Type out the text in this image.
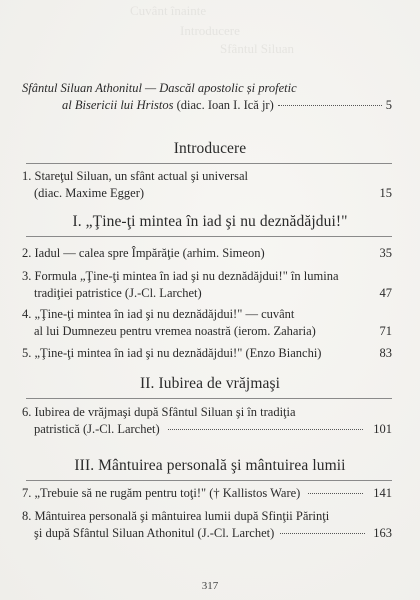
Cuvânt înainte
Introducere
Sfântul Siluan
Sfântul Siluan Athonitul — Dascăl apostolic și profetic
al Bisericii lui Hristos (diac. Ioan I. Ică jr)	5
Introducere
1. Stareţul Siluan, un sfânt actual şi universal
(diac. Maxime Egger)	15
I. „Ţine-ţi mintea în iad şi nu deznădăjdui!"
2. Iadul — calea spre Împărăţie (arhim. Simeon)	35
3. Formula „Ţine-ţi mintea în iad şi nu deznădăjdui!" în lumina
tradiţiei patristice (J.-Cl. Larchet)	47
4. „Ţine-ţi mintea în iad şi nu deznădăjdui!" — cuvânt
al lui Dumnezeu pentru vremea noastră (ierom. Zaharia)	71
5. „Ţine-ţi mintea în iad şi nu deznădăjdui!" (Enzo Bianchi)	83
II. Iubirea de vrăjmaşi
6. Iubirea de vrăjmaşi după Sfântul Siluan şi în tradiţia
patristică (J.-Cl. Larchet)	101
III. Mântuirea personală şi mântuirea lumii
7. „Trebuie să ne rugăm pentru toţi!" († Kallistos Ware)	141
8. Mântuirea personală şi mântuirea lumii după Sfinţii Părinţi
şi după Sfântul Siluan Athonitul (J.-Cl. Larchet)	163
317
